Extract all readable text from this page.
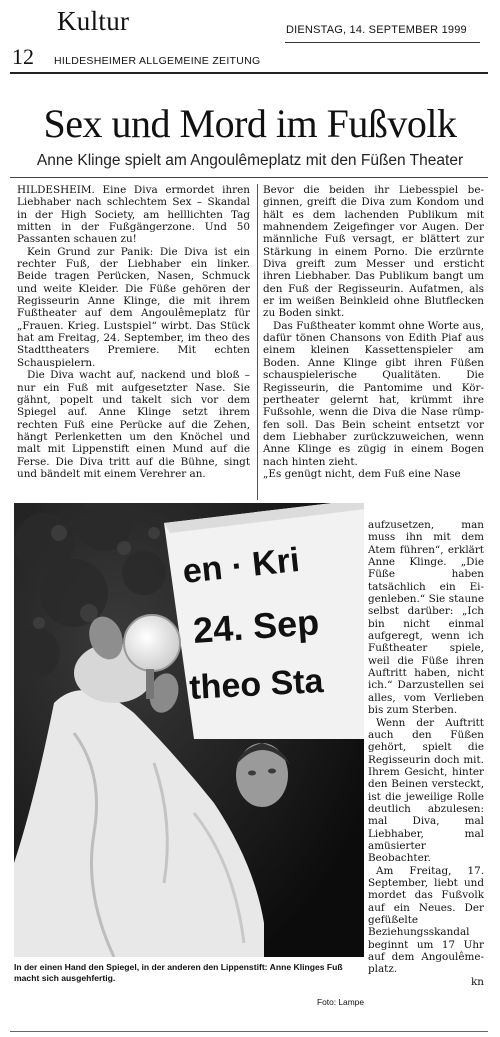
Kultur
12 HILDESHEIMER ALLGEMEINE ZEITUNG
DIENSTAG, 14. SEPTEMBER 1999
Sex und Mord im Fußvolk
Anne Klinge spielt am Angoulêmeplatz mit den Füßen Theater

HILDESHEIM. Eine Diva ermordet ihren Liebhaber nach schlechtem Sex – Skandal in der High Society, am helllichten Tag mitten in der Fußgängerzone. Und 50 Passanten schauen zu!

Kein Grund zur Panik: Die Diva ist ein rechter Fuß, der Liebhaber ein linker. Beide tragen Perücken, Nasen, Schmuck und weite Kleider. Die Füße gehören der Regisseurin Anne Klinge, die mit ihrem Fußtheater auf dem Angoulêmeplatz für „Frauen. Krieg. Lustspiel“ wirbt. Das Stück hat am Freitag, 24. September, im theo des Stadttheaters Premiere. Mit echten Schauspielern.

Die Diva wacht auf, nackend und bloß – nur ein Fuß mit aufgesetzter Nase. Sie gähnt, popelt und takelt sich vor dem Spiegel auf. Anne Klinge setzt ihrem rechten Fuß eine Perücke auf die Zehen, hängt Perlenketten um den Knöchel und malt mit Lippenstift einen Mund auf die Ferse. Die Diva tritt auf die Bühne, singt und bändelt mit einem Verehrer an.

Bevor die beiden ihr Liebesspiel beginnen, greift die Diva zum Kondom und hält es dem lachenden Publikum mit mahnendem Zeigefinger vor Augen. Der männliche Fuß versagt, er blättert zur Stärkung in einem Porno. Die erzürnte Diva greift zum Messer und ersticht ihren Liebhaber. Das Publikum bangt um den Fuß der Regisseurin. Aufatmen, als er im weißen Beinkleid ohne Blutflecken zu Boden sinkt.

Das Fußtheater kommt ohne Worte aus, dafür tönen Chansons von Edith Piaf aus einem kleinen Kassettenspieler am Boden. Anne Klinge gibt ihren Füßen schauspielerische Qualitäten. Die Regisseurin, die Pantomime und Körpertheater gelernt hat, krümmt ihre Fußsohle, wenn die Diva die Nase rümpfen soll. Das Bein scheint entsetzt vor dem Liebhaber zurückzuweichen, wenn Anne Klinge es zügig in einem Bogen nach hinten zieht.

„Es genügt nicht, dem Fuß eine Nase

en · Kri
24. Sep
theo Sta
In der einen Hand den Spiegel, in der anderen den Lippenstift: Anne Klinges Fuß macht sich ausgehfertig.
Foto: Lampe

aufzusetzen, man muss ihn mit dem Atem führen“, erklärt Anne Klinge. „Die Füße haben tatsächlich ein Eigenleben.“ Sie staune selbst darüber: „Ich bin nicht einmal aufgeregt, wenn ich Fußtheater spiele, weil die Füße ihren Auftritt haben, nicht ich.“ Darzustellen sei alles, vom Verlieben bis zum Sterben.

Wenn der Auftritt auch den Füßen gehört, spielt die Regisseurin doch mit. Ihrem Gesicht, hinter den Beinen versteckt, ist die jeweilige Rolle deutlich abzulesen: mal Diva, mal Liebhaber, mal amüsierter Beobachter.

Am Freitag, 17. September, liebt und mordet das Fußvolk auf ein Neues. Der gefüßelte Beziehungsskandal beginnt um 17 Uhr auf dem Angoulêmeplatz.

kn
